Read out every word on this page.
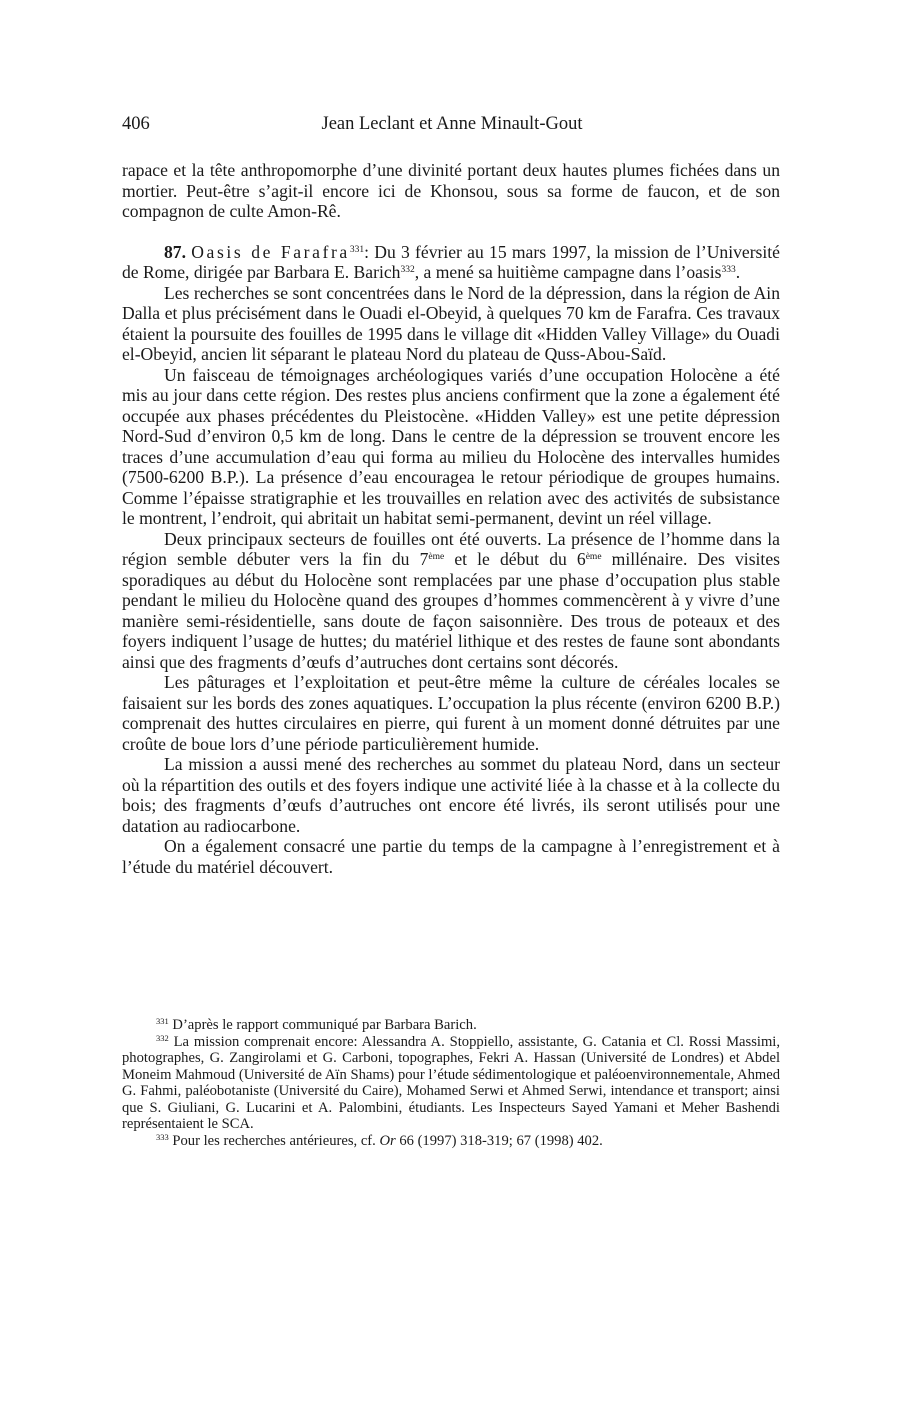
406	Jean Leclant et Anne Minault-Gout

rapace et la tête anthropomorphe d’une divinité portant deux hautes plumes fichées dans un mortier. Peut-être s’agit-il encore ici de Khonsou, sous sa forme de faucon, et de son compagnon de culte Amon-Rê.

87. Oasis de Farafra$^{331}$: Du 3 février au 15 mars 1997, la mission de l’Université de Rome, dirigée par Barbara E. Barich$^{332}$, a mené sa huitième campagne dans l’oasis$^{333}$.

Les recherches se sont concentrées dans le Nord de la dépression, dans la région de Ain Dalla et plus précisément dans le Ouadi el-Obeyid, à quelques 70 km de Farafra. Ces travaux étaient la poursuite des fouilles de 1995 dans le village dit «Hidden Valley Village» du Ouadi el-Obeyid, ancien lit séparant le plateau Nord du plateau de Quss-Abou-Saïd.

Un faisceau de témoignages archéologiques variés d’une occupation Holocène a été mis au jour dans cette région. Des restes plus anciens confirment que la zone a également été occupée aux phases précédentes du Pleistocène. «Hidden Valley» est une petite dépression Nord-Sud d’environ 0,5 km de long. Dans le centre de la dépression se trouvent encore les traces d’une accumulation d’eau qui forma au milieu du Holocène des intervalles humides (7500-6200 B.P.). La présence d’eau encouragea le retour périodique de groupes humains. Comme l’épaisse stratigraphie et les trouvailles en relation avec des activités de subsistance le montrent, l’endroit, qui abritait un habitat semi-permanent, devint un réel village.

Deux principaux secteurs de fouilles ont été ouverts. La présence de l’homme dans la région semble débuter vers la fin du 7ème et le début du 6ème millénaire. Des visites sporadiques au début du Holocène sont remplacées par une phase d’occupation plus stable pendant le milieu du Holocène quand des groupes d’hommes commencèrent à y vivre d’une manière semi-résidentielle, sans doute de façon saisonnière. Des trous de poteaux et des foyers indiquent l’usage de huttes; du matériel lithique et des restes de faune sont abondants ainsi que des fragments d’œufs d’autruches dont certains sont décorés.

Les pâturages et l’exploitation et peut-être même la culture de céréales locales se faisaient sur les bords des zones aquatiques. L’occupation la plus récente (environ 6200 B.P.) comprenait des huttes circulaires en pierre, qui furent à un moment donné détruites par une croûte de boue lors d’une période particulièrement humide.

La mission a aussi mené des recherches au sommet du plateau Nord, dans un secteur où la répartition des outils et des foyers indique une activité liée à la chasse et à la collecte du bois; des fragments d’œufs d’autruches ont encore été livrés, ils seront utilisés pour une datation au radiocarbone.

On a également consacré une partie du temps de la campagne à l’enregistrement et à l’étude du matériel découvert.

$^{331}$ D’après le rapport communiqué par Barbara Barich.

$^{332}$ La mission comprenait encore: Alessandra A. Stoppiello, assistante, G. Catania et Cl. Rossi Massimi, photographes, G. Zangirolami et G. Carboni, topographes, Fekri A. Hassan (Université de Londres) et Abdel Moneim Mahmoud (Université de Aïn Shams) pour l’étude sédimentologique et paléoenvironnementale, Ahmed G. Fahmi, paléobotaniste (Université du Caire), Mohamed Serwi et Ahmed Serwi, intendance et transport; ainsi que S. Giuliani, G. Lucarini et A. Palombini, étudiants. Les Inspecteurs Sayed Yamani et Meher Bashendi représentaient le SCA.

$^{333}$ Pour les recherches antérieures, cf. Or 66 (1997) 318-319; 67 (1998) 402.
